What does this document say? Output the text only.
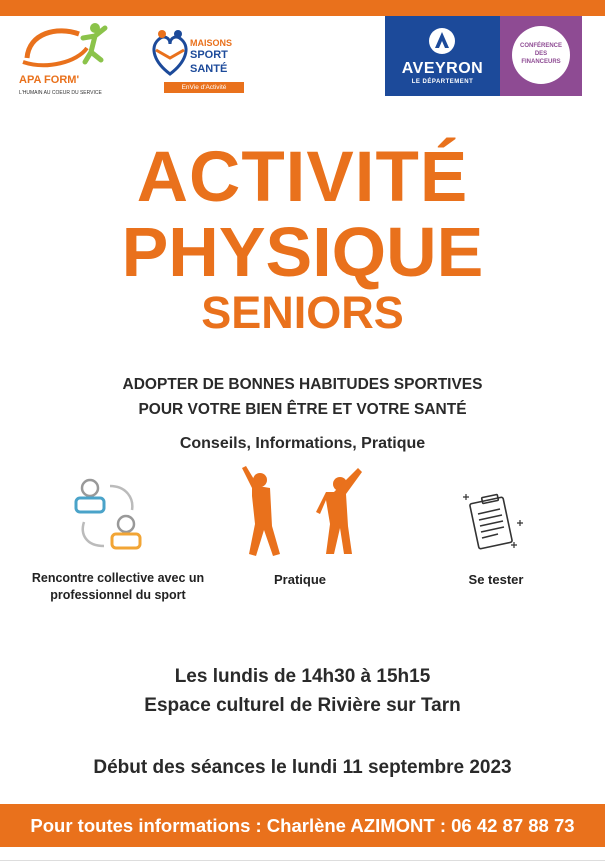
APA FORM'
L'HUMAIN AU COEUR DU SERVICE
MAISONS
SPORT
SANTÉ
EnVie d'Activité
AVEYRON
LE DÉPARTEMENT
CONFÉRENCE
DES
FINANCEURS
ACTIVITÉ
PHYSIQUE
SENIORS
ADOPTER DE BONNES HABITUDES SPORTIVES
POUR VOTRE BIEN ÊTRE ET VOTRE SANTÉ
Conseils, Informations, Pratique
Rencontre collective avec un
professionnel du sport
Pratique	Se tester
Les lundis de 14h30 à 15h15
Espace culturel de Rivière sur Tarn
Début des séances le lundi 11 septembre 2023
Pour toutes informations : Charlène AZIMONT : 06 42 87 88 73
